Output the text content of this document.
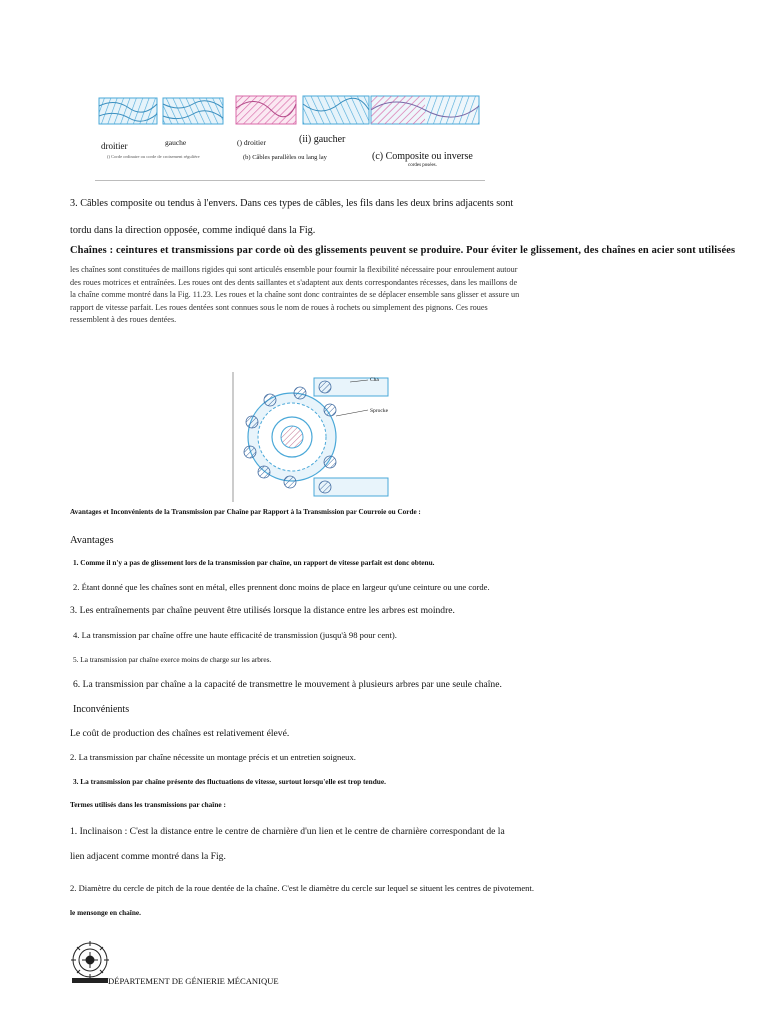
droitier	gauche
() Corde ordinaire ou corde de croisement régulière
() droitier	(ii) gaucher
(b) Câbles parallèles ou lang lay	(c) Composite ou inverse
cordes posées.
3. Câbles composite ou tendus à l'envers. Dans ces types de câbles, les fils dans les deux brins adjacents sont
tordu dans la direction opposée, comme indiqué dans la Fig.
Chaînes : ceintures et transmissions par corde où des glissements peuvent se produire. Pour éviter le glissement, des chaînes en acier sont utilisées
les chaînes sont constituées de maillons rigides qui sont articulés ensemble pour fournir la flexibilité nécessaire pour enroulement autour des roues motrices et entraînées. Les roues ont des dents saillantes et s'adaptent aux dents correspondantes récesses, dans les maillons de la chaîne comme montré dans la Fig. 11.23. Les roues et la chaîne sont donc contraintes de se déplacer ensemble sans glisser et assure un rapport de vitesse parfait. Les roues dentées sont connues sous le nom de roues à rochets ou simplement des pignons. Ces roues ressemblent à des roues dentées.
Cha
Sprocke
Avantages et Inconvénients de la Transmission par Chaîne par Rapport à la Transmission par Courroie ou Corde :
Avantages
1. Comme il n'y a pas de glissement lors de la transmission par chaîne, un rapport de vitesse parfait est donc obtenu.
2. Étant donné que les chaînes sont en métal, elles prennent donc moins de place en largeur qu'une ceinture ou une corde.
3. Les entraînements par chaîne peuvent être utilisés lorsque la distance entre les arbres est moindre.
4. La transmission par chaîne offre une haute efficacité de transmission (jusqu'à 98 pour cent).
5. La transmission par chaîne exerce moins de charge sur les arbres.
6. La transmission par chaîne a la capacité de transmettre le mouvement à plusieurs arbres par une seule chaîne.
Inconvénients
Le coût de production des chaînes est relativement élevé.
2. La transmission par chaîne nécessite un montage précis et un entretien soigneux.
3. La transmission par chaîne présente des fluctuations de vitesse, surtout lorsqu'elle est trop tendue.
Termes utilisés dans les transmissions par chaîne :
1. Inclinaison : C'est la distance entre le centre de charnière d'un lien et le centre de charnière correspondant de la
lien adjacent comme montré dans la Fig.
2. Diamètre du cercle de pitch de la roue dentée de la chaîne. C'est le diamètre du cercle sur lequel se situent les centres de pivotement.
le mensonge en chaîne.
DÉPARTEMENT DE GÉNIERIE MÉCANIQUE
